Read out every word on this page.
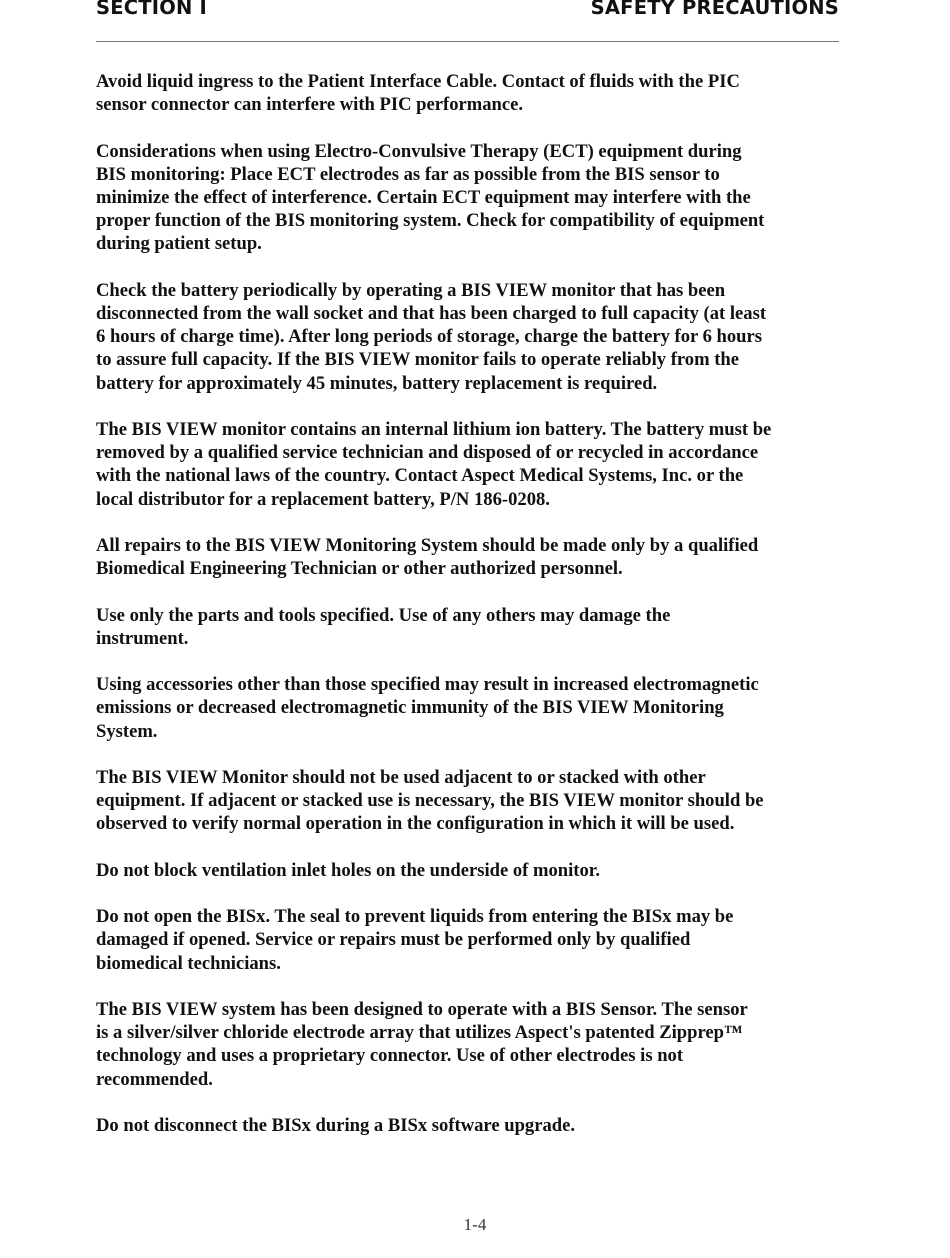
SECTION I	SAFETY PRECAUTIONS

Avoid liquid ingress to the Patient Interface Cable. Contact of fluids with the PIC
sensor connector can interfere with PIC performance.

Considerations when using Electro-Convulsive Therapy (ECT) equipment during
BIS monitoring: Place ECT electrodes as far as possible from the BIS sensor to
minimize the effect of interference. Certain ECT equipment may interfere with the
proper function of the BIS monitoring system. Check for compatibility of equipment
during patient setup.

Check the battery periodically by operating a BIS VIEW monitor that has been
disconnected from the wall socket and that has been charged to full capacity (at least
6 hours of charge time). After long periods of storage, charge the battery for 6 hours
to assure full capacity. If the BIS VIEW monitor fails to operate reliably from the
battery for approximately 45 minutes, battery replacement is required.

The BIS VIEW monitor contains an internal lithium ion battery. The battery must be
removed by a qualified service technician and disposed of or recycled in accordance
with the national laws of the country. Contact Aspect Medical Systems, Inc. or the
local distributor for a replacement battery, P/N 186-0208.

All repairs to the BIS VIEW Monitoring System should be made only by a qualified
Biomedical Engineering Technician or other authorized personnel.

Use only the parts and tools specified. Use of any others may damage the
instrument.

Using accessories other than those specified may result in increased electromagnetic
emissions or decreased electromagnetic immunity of the BIS VIEW Monitoring
System.

The BIS VIEW Monitor should not be used adjacent to or stacked with other
equipment. If adjacent or stacked use is necessary, the BIS VIEW monitor should be
observed to verify normal operation in the configuration in which it will be used.

Do not block ventilation inlet holes on the underside of monitor.

Do not open the BISx. The seal to prevent liquids from entering the BISx may be
damaged if opened. Service or repairs must be performed only by qualified
biomedical technicians.

The BIS VIEW system has been designed to operate with a BIS Sensor. The sensor
is a silver/silver chloride electrode array that utilizes Aspect's patented Zipprep™
technology and uses a proprietary connector. Use of other electrodes is not
recommended.

Do not disconnect the BISx during a BISx software upgrade.

1-4
